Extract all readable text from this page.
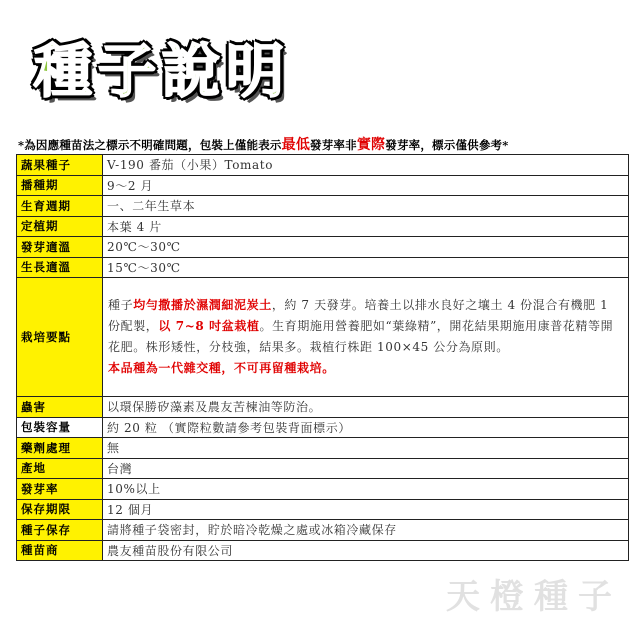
種子說明
*為因應種苗法之標示不明確問題，包裝上僅能表示最低發芽率非實際發芽率，標示僅供參考*
蔬果種子	V-190 番茄（小果）Tomato
播種期	9～2 月
生育週期	一、二年生草本
定植期	本葉 4 片
發芽適溫	20℃～30℃
生長適溫	15℃～30℃
栽培要點	種子均勻撒播於濕潤細泥炭土，約 7 天發芽。培養土以排水良好之壤土 4 份混合有機肥 1 份配製，以 7~8 吋盆栽植。生育期施用營養肥如“葉綠精”，開花結果期施用康普花精等開花肥。株形矮性，分枝強，結果多。栽植行株距 100×45 公分為原則。
本品種為一代雜交種，不可再留種栽培。
蟲害	以環保勝矽藻素及農友苦楝油等防治。
包裝容量	約 20 粒 （實際粒數請參考包裝背面標示）
藥劑處理	無
產地	台灣
發芽率	10%以上
保存期限	12 個月
種子保存	請將種子袋密封，貯於暗冷乾燥之處或冰箱冷藏保存
種苗商	農友種苗股份有限公司
天橙種子
